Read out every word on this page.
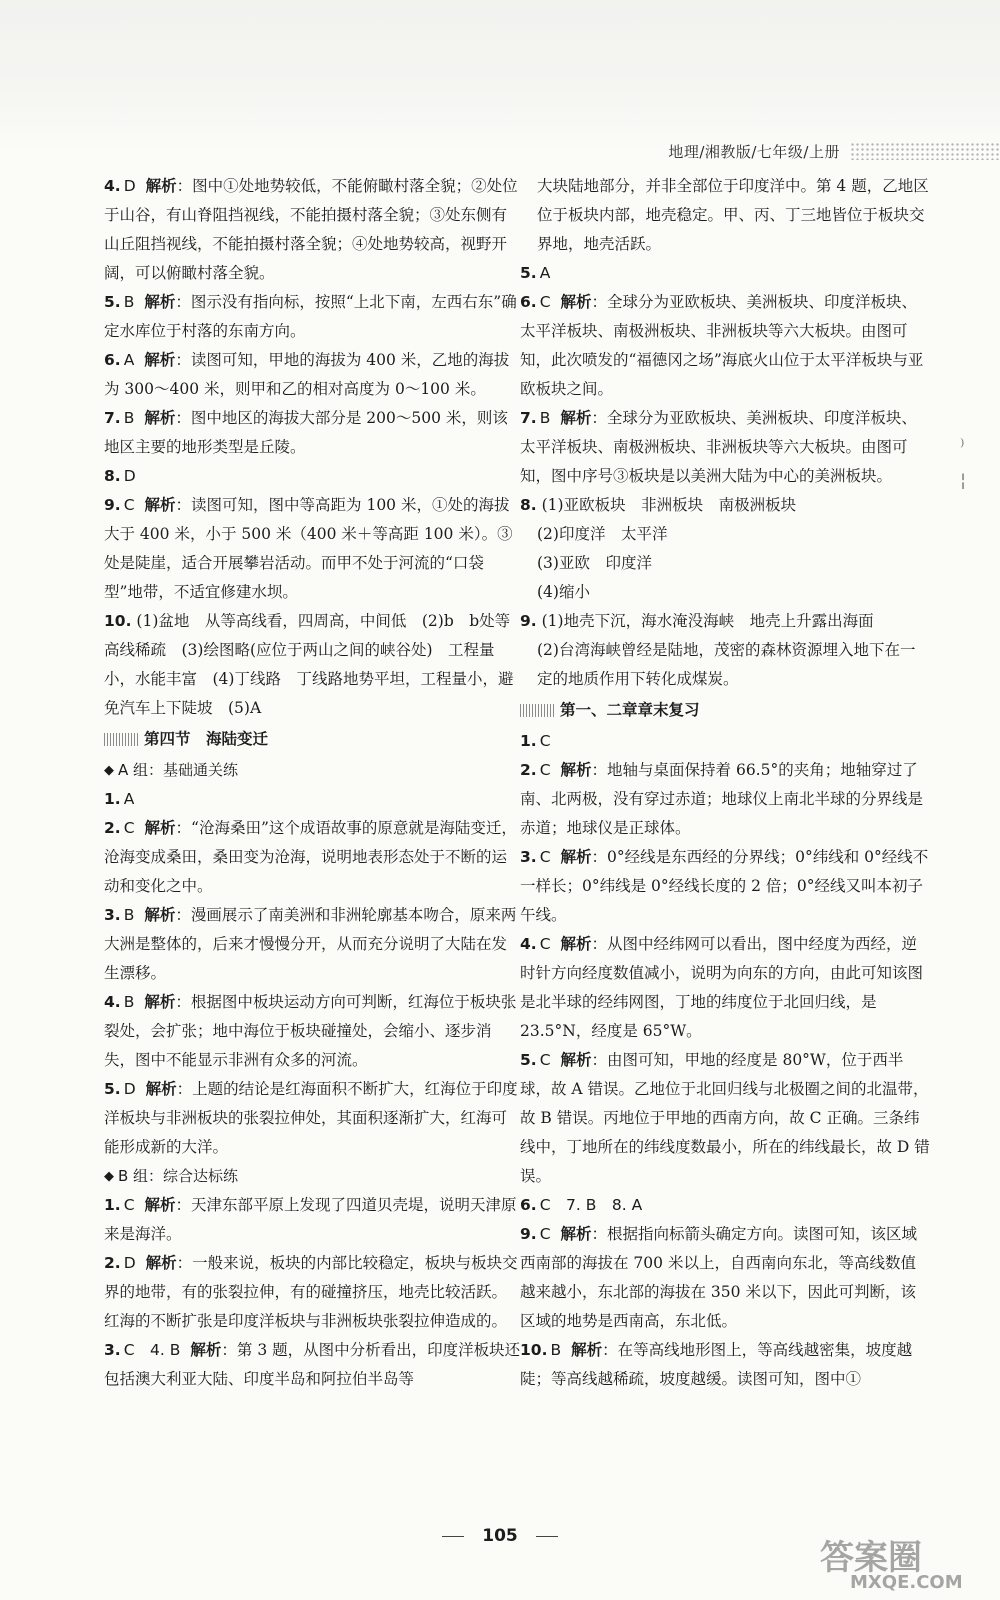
地理/湘教版/七年级/上册

4. D 解析：图中①处地势较低，不能俯瞰村落全貌；②处位于山谷，有山脊阻挡视线，不能拍摄村落全貌；③处东侧有山丘阻挡视线，不能拍摄村落全貌；④处地势较高，视野开阔，可以俯瞰村落全貌。

5. B 解析：图示没有指向标，按照“上北下南，左西右东”确定水库位于村落的东南方向。

6. A 解析：读图可知，甲地的海拔为 400 米，乙地的海拔为 300～400 米，则甲和乙的相对高度为 0～100 米。

7. B 解析：图中地区的海拔大部分是 200～500 米，则该地区主要的地形类型是丘陵。

8. D

9. C 解析：读图可知，图中等高距为 100 米，①处的海拔大于 400 米，小于 500 米（400 米＋等高距 100 米）。③处是陡崖，适合开展攀岩活动。而甲不处于河流的“口袋型”地带，不适宜修建水坝。

10. (1)盆地　从等高线看，四周高，中间低　(2)b　b处等高线稀疏　(3)绘图略(应位于两山之间的峡谷处)　工程量小，水能丰富　(4)丁线路　丁线路地势平坦，工程量小，避免汽车上下陡坡　(5)A

第四节　海陆变迁
◆ A 组：基础通关练

1. A

2. C 解析：“沧海桑田”这个成语故事的原意就是海陆变迁，沧海变成桑田，桑田变为沧海，说明地表形态处于不断的运动和变化之中。

3. B 解析：漫画展示了南美洲和非洲轮廓基本吻合，原来两大洲是整体的，后来才慢慢分开，从而充分说明了大陆在发生漂移。

4. B 解析：根据图中板块运动方向可判断，红海位于板块张裂处，会扩张；地中海位于板块碰撞处，会缩小、逐步消失，图中不能显示非洲有众多的河流。

5. D 解析：上题的结论是红海面积不断扩大，红海位于印度洋板块与非洲板块的张裂拉伸处，其面积逐渐扩大，红海可能形成新的大洋。

◆ B 组：综合达标练

1. C 解析：天津东部平原上发现了四道贝壳堤，说明天津原来是海洋。

2. D 解析：一般来说，板块的内部比较稳定，板块与板块交界的地带，有的张裂拉伸，有的碰撞挤压，地壳比较活跃。红海的不断扩张是印度洋板块与非洲板块张裂拉伸造成的。

3. C　4. B 解析：第 3 题，从图中分析看出，印度洋板块还包括澳大利亚大陆、印度半岛和阿拉伯半岛等

大块陆地部分，并非全部位于印度洋中。第 4 题，乙地区位于板块内部，地壳稳定。甲、丙、丁三地皆位于板块交界地，地壳活跃。

5. A

6. C 解析：全球分为亚欧板块、美洲板块、印度洋板块、太平洋板块、南极洲板块、非洲板块等六大板块。由图可知，此次喷发的“福德冈之场”海底火山位于太平洋板块与亚欧板块之间。

7. B 解析：全球分为亚欧板块、美洲板块、印度洋板块、太平洋板块、南极洲板块、非洲板块等六大板块。由图可知，图中序号③板块是以美洲大陆为中心的美洲板块。

8. (1)亚欧板块　非洲板块　南极洲板块

(2)印度洋　太平洋

(3)亚欧　印度洋

(4)缩小

9. (1)地壳下沉，海水淹没海峡　地壳上升露出海面

(2)台湾海峡曾经是陆地，茂密的森林资源埋入地下在一定的地质作用下转化成煤炭。

第一、二章章末复习

1. C

2. C 解析：地轴与桌面保持着 66.5°的夹角；地轴穿过了南、北两极，没有穿过赤道；地球仪上南北半球的分界线是赤道；地球仪是正球体。

3. C 解析：0°经线是东西经的分界线；0°纬线和 0°经线不一样长；0°纬线是 0°经线长度的 2 倍；0°经线又叫本初子午线。

4. C 解析：从图中经纬网可以看出，图中经度为西经，逆时针方向经度数值减小，说明为向东的方向，由此可知该图是北半球的经纬网图，丁地的纬度位于北回归线，是 23.5°N，经度是 65°W。

5. C 解析：由图可知，甲地的经度是 80°W，位于西半球，故 A 错误。乙地位于北回归线与北极圈之间的北温带，故 B 错误。丙地位于甲地的西南方向，故 C 正确。三条纬线中，丁地所在的纬线度数最小，所在的纬线最长，故 D 错误。

6. C　7. B　8. A

9. C 解析：根据指向标箭头确定方向。读图可知，该区域西南部的海拔在 700 米以上，自西南向东北，等高线数值越来越小，东北部的海拔在 350 米以下，因此可判断，该区域的地势是西南高，东北低。

10. B 解析：在等高线地形图上，等高线越密集，坡度越陡；等高线越稀疏，坡度越缓。读图可知，图中①

⁾
¦
105
答案圈
MXQE.COM
